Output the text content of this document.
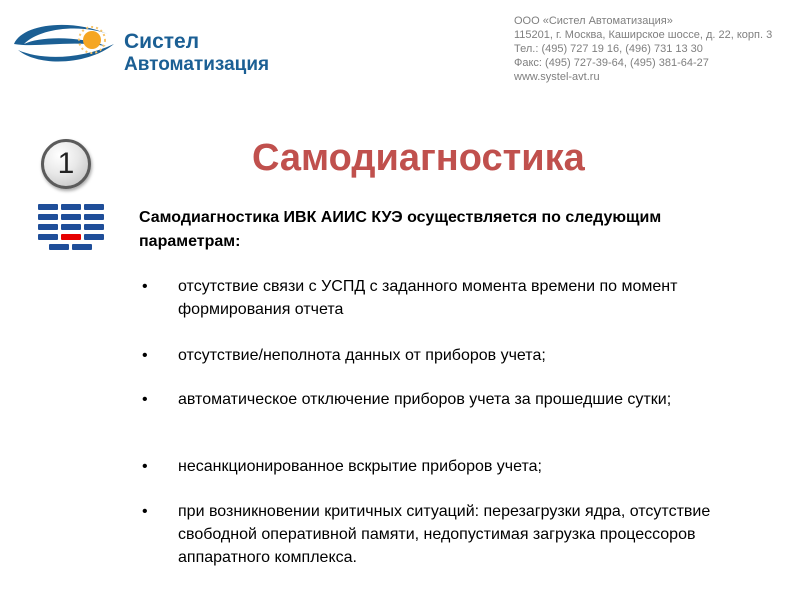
Систел
Автоматизация
ООО «Систел Автоматизация»
115201, г. Москва, Каширское шоссе, д. 22, корп. 3
Тел.: (495) 727 19 16, (496) 731 13 30
Факс: (495) 727-39-64, (495) 381-64-27
www.systel-avt.ru
1	Самодиагностика
Самодиагностика ИВК АИИС КУЭ осуществляется по следующим параметрам:
• отсутствие связи с УСПД с заданного момента времени по момент формирования отчета
• отсутствие/неполнота данных от приборов учета;
• автоматическое отключение приборов учета за прошедшие сутки;
• несанкционированное вскрытие приборов учета;
• при возникновении критичных ситуаций: перезагрузки ядра, отсутствие свободной оперативной памяти, недопустимая загрузка процессоров аппаратного комплекса.
